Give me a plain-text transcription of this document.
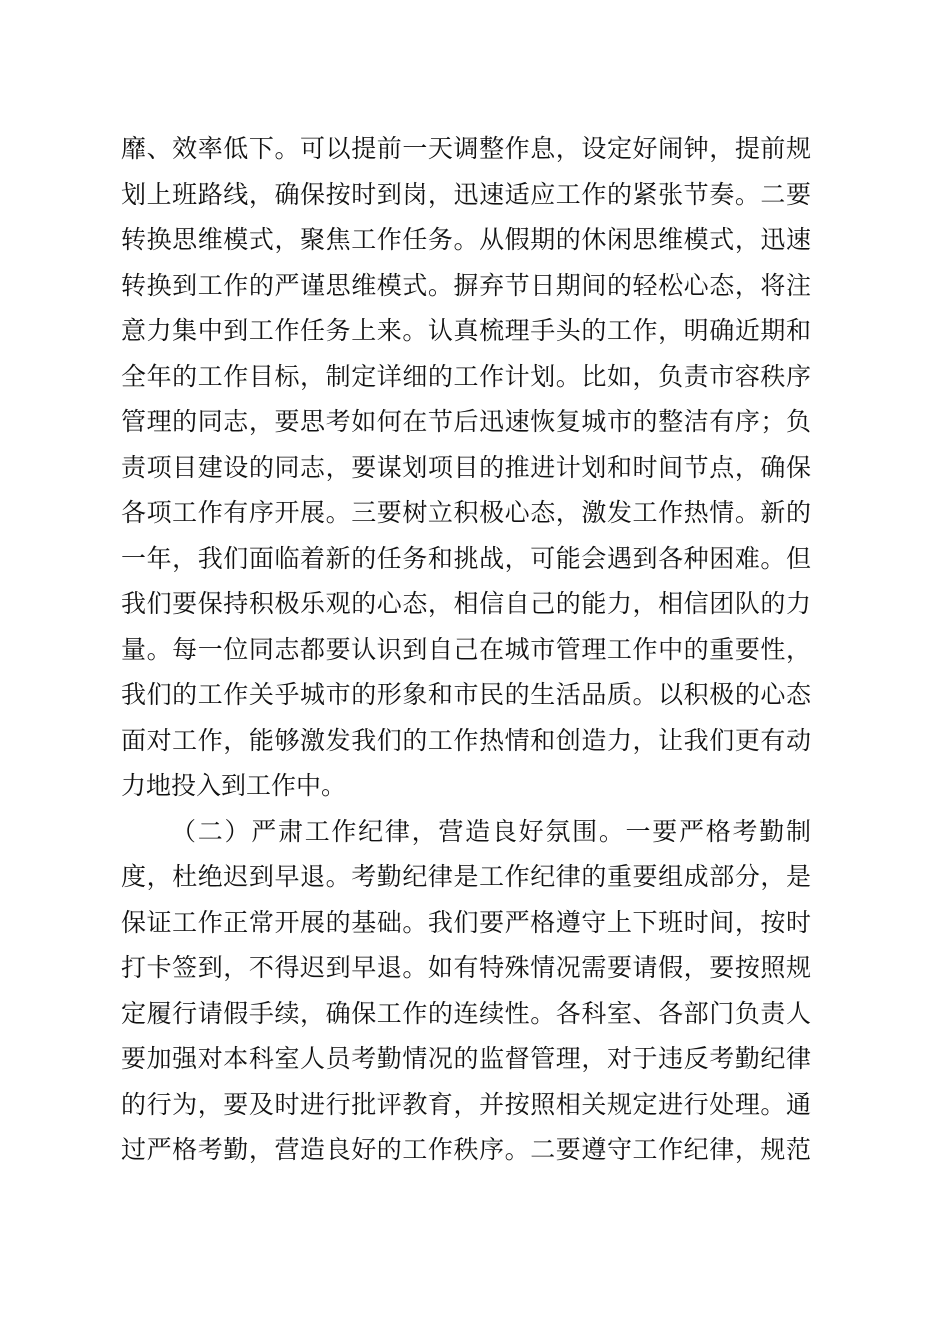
靡、效率低下。可以提前一天调整作息，设定好闹钟，提前规
划上班路线，确保按时到岗，迅速适应工作的紧张节奏。二要
转换思维模式，聚焦工作任务。从假期的休闲思维模式，迅速
转换到工作的严谨思维模式。摒弃节日期间的轻松心态，将注
意力集中到工作任务上来。认真梳理手头的工作，明确近期和
全年的工作目标，制定详细的工作计划。比如，负责市容秩序
管理的同志，要思考如何在节后迅速恢复城市的整洁有序；负
责项目建设的同志，要谋划项目的推进计划和时间节点，确保
各项工作有序开展。三要树立积极心态，激发工作热情。新的
一年，我们面临着新的任务和挑战，可能会遇到各种困难。但
我们要保持积极乐观的心态，相信自己的能力，相信团队的力
量。每一位同志都要认识到自己在城市管理工作中的重要性，
我们的工作关乎城市的形象和市民的生活品质。以积极的心态
面对工作，能够激发我们的工作热情和创造力，让我们更有动
力地投入到工作中。
（二）严肃工作纪律，营造良好氛围。一要严格考勤制
度，杜绝迟到早退。考勤纪律是工作纪律的重要组成部分，是
保证工作正常开展的基础。我们要严格遵守上下班时间，按时
打卡签到，不得迟到早退。如有特殊情况需要请假，要按照规
定履行请假手续，确保工作的连续性。各科室、各部门负责人
要加强对本科室人员考勤情况的监督管理，对于违反考勤纪律
的行为，要及时进行批评教育，并按照相关规定进行处理。通
过严格考勤，营造良好的工作秩序。二要遵守工作纪律，规范
